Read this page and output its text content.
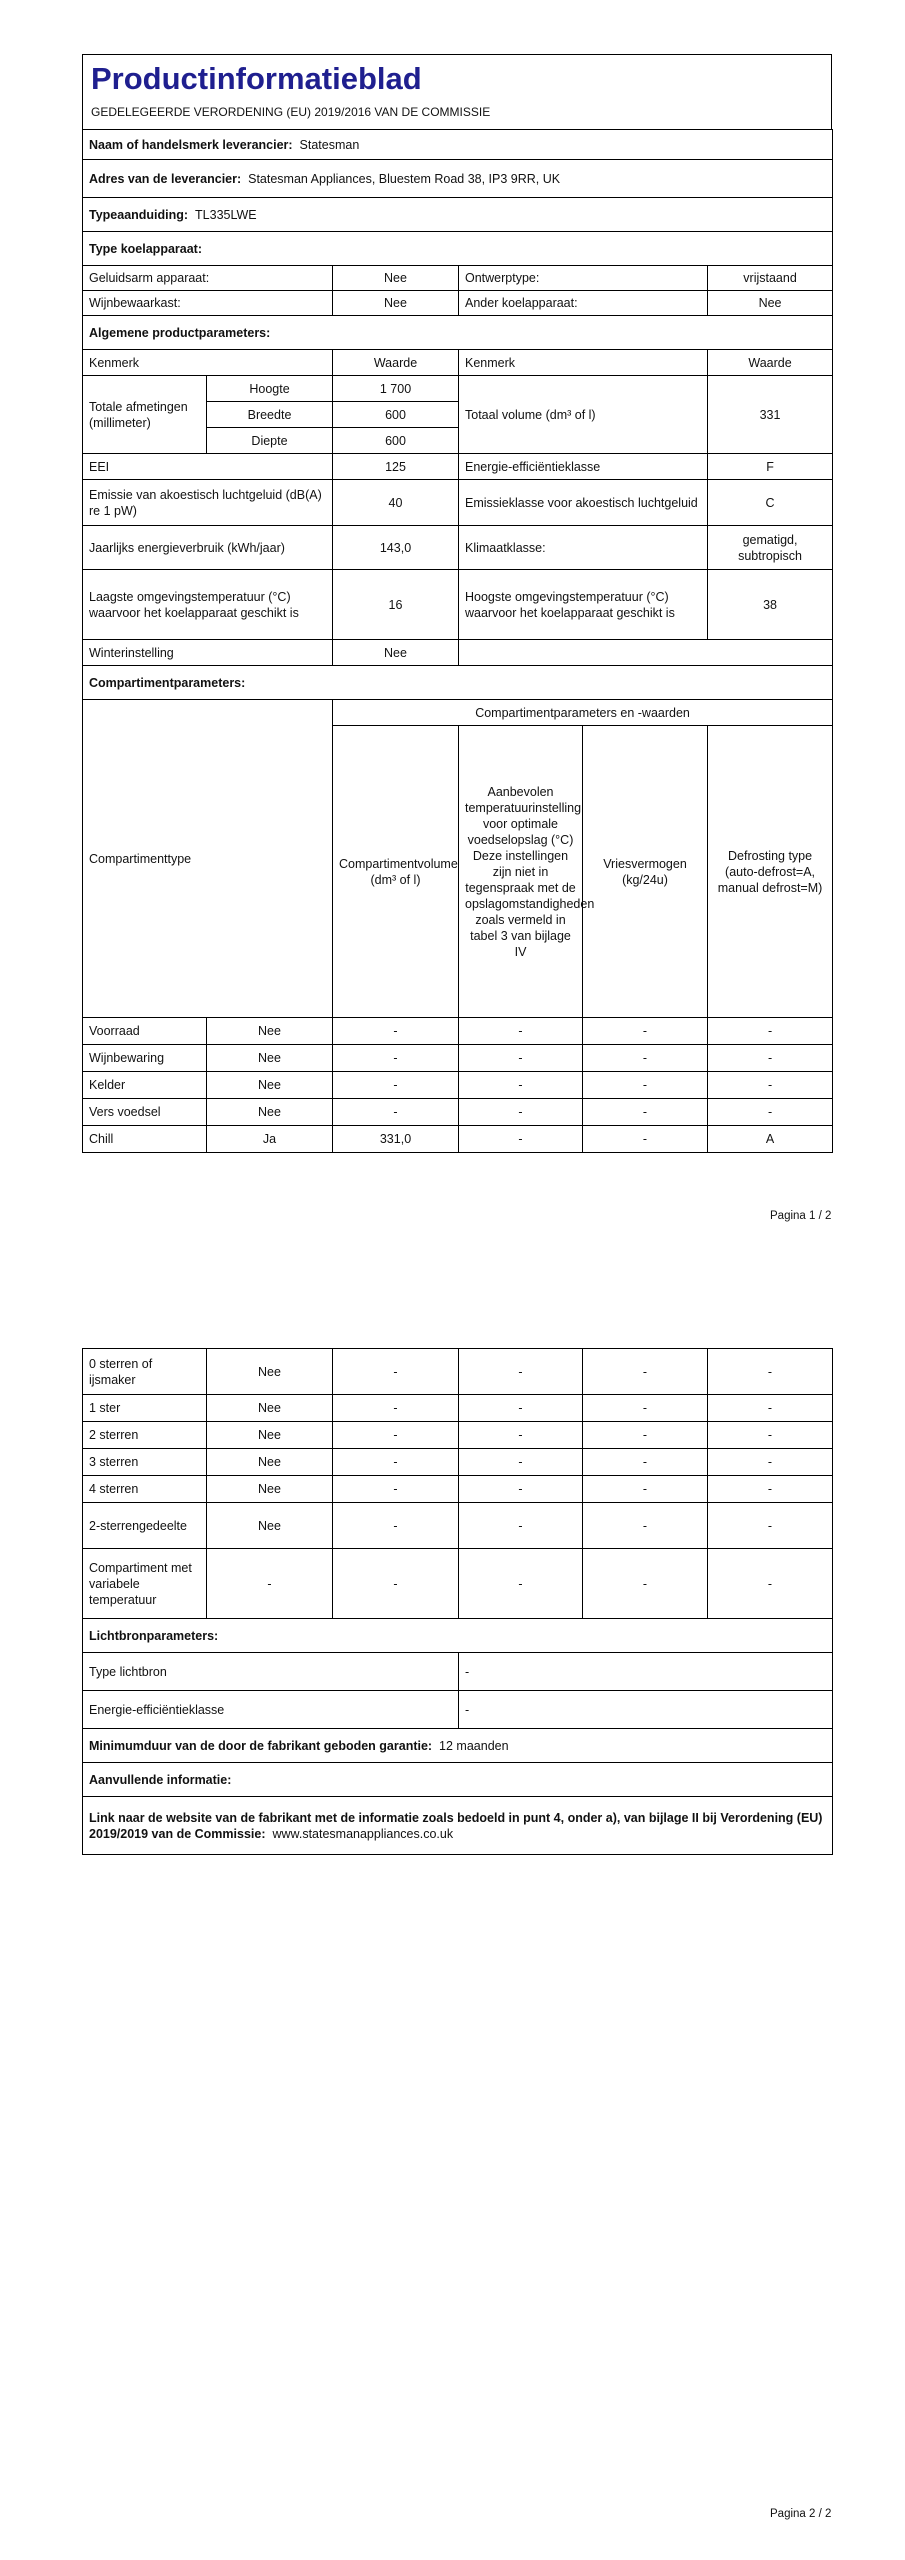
Productinformatieblad
GEDELEGEERDE VERORDENING (EU) 2019/2016 VAN DE COMMISSIE
Naam of handelsmerk leverancier: Statesman					
Adres van de leverancier: Statesman Appliances, Bluestem Road 38, IP3 9RR, UK					
Typeaanduiding: TL335LWE					
Type koelapparaat:					
Geluidsarm apparaat:		Nee	Ontwerptype:		vrijstaand
Wijnbewaarkast:		Nee	Ander koelapparaat:		Nee
Algemene productparameters:					
Kenmerk		Waarde	Kenmerk		Waarde
Totale afmetingen (millimeter)	Hoogte	1 700	Totaal volume (dm³ of l)		331
	Breedte	600			
	Diepte	600			
EEI		125	Energie-efficiëntieklasse		F
Emissie van akoestisch luchtgeluid (dB(A) re 1 pW)		40	Emissieklasse voor akoestisch luchtgeluid		C
Jaarlijks energieverbruik (kWh/jaar)		143,0	Klimaatklasse:		gematigd, subtropisch
Laagste omgevingstemperatuur (°C) waarvoor het koelapparaat geschikt is		16	Hoogste omgevingstemperatuur (°C) waarvoor het koelapparaat geschikt is		38
Winterinstelling		Nee			
Compartimentparameters:					
Compartimenttype		Compartimentparameters en -waarden			
		Compartimentvolume (dm³ of l)	Aanbevolen temperatuurinstelling voor optimale voedselopslag (°C) Deze instellingen zijn niet in tegenspraak met de opslagomstandigheden zoals vermeld in tabel 3 van bijlage IV	Vriesvermogen (kg/24u)	Defrosting type (auto-defrost=A, manual defrost=M)
Voorraad	Nee	-	-	-	-
Wijnbewaring	Nee	-	-	-	-
Kelder	Nee	-	-	-	-
Vers voedsel	Nee	-	-	-	-
Chill	Ja	331,0	-	-	A
Pagina 1 / 2
0 sterren of ijsmaker	Nee	-	-	-	-
1 ster	Nee	-	-	-	-
2 sterren	Nee	-	-	-	-
3 sterren	Nee	-	-	-	-
4 sterren	Nee	-	-	-	-
2-sterrengedeelte	Nee	-	-	-	-
Compartiment met variabele temperatuur	-	-	-	-	-
Lichtbronparameters:					
Type lichtbron			-		
Energie-efficiëntieklasse			-		
Minimumduur van de door de fabrikant geboden garantie: 12 maanden					
Aanvullende informatie:					
Link naar de website van de fabrikant met de informatie zoals bedoeld in punt 4, onder a), van bijlage II bij Verordening (EU) 2019/2019 van de Commissie: www.statesmanappliances.co.uk					
Pagina 2 / 2
